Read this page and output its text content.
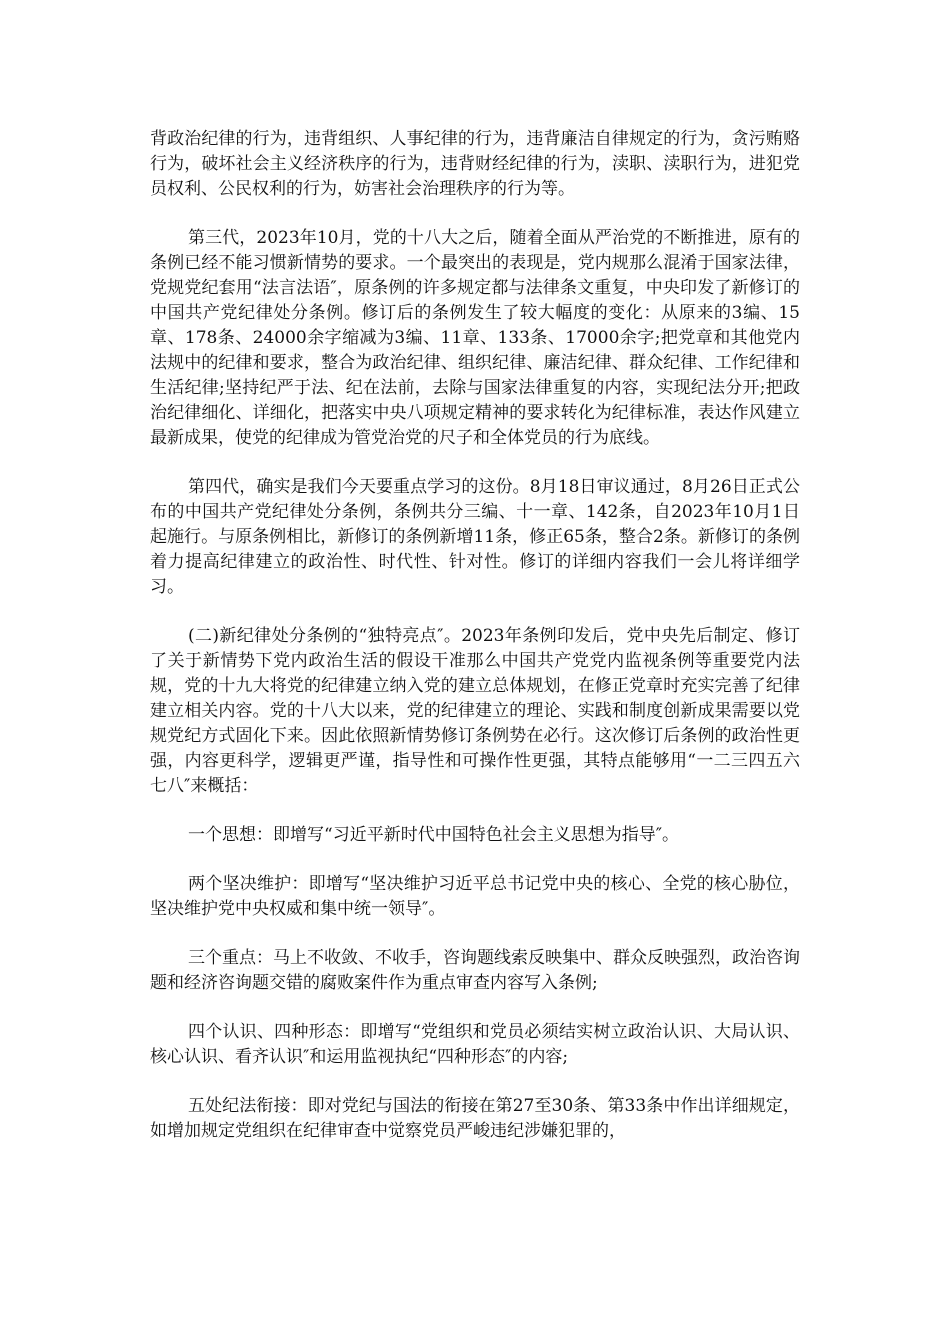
背政治纪律的行为，违背组织、人事纪律的行为，违背廉洁自律规定的行为，贪污贿赂行为，破坏社会主义经济秩序的行为，违背财经纪律的行为，渎职、渎职行为，进犯党员权利、公民权利的行为，妨害社会治理秩序的行为等。

第三代，2023年10月，党的十八大之后，随着全面从严治党的不断推进，原有的条例已经不能习惯新情势的要求。一个最突出的表现是，党内规那么混淆于国家法律，党规党纪套用“法言法语″，原条例的许多规定都与法律条文重复，中央印发了新修订的中国共产党纪律处分条例。修订后的条例发生了较大幅度的变化：从原来的3编、15章、178条、24000余字缩减为3编、11章、133条、17000余字;把党章和其他党内法规中的纪律和要求，整合为政治纪律、组织纪律、廉洁纪律、群众纪律、工作纪律和生活纪律;坚持纪严于法、纪在法前，去除与国家法律重复的内容，实现纪法分开;把政治纪律细化、详细化，把落实中央八项规定精神的要求转化为纪律标准，表达作风建立最新成果，使党的纪律成为管党治党的尺子和全体党员的行为底线。

第四代，确实是我们今天要重点学习的这份。8月18日审议通过，8月26日正式公布的中国共产党纪律处分条例，条例共分三编、十一章、142条，自2023年10月1日起施行。与原条例相比，新修订的条例新增11条，修正65条，整合2条。新修订的条例着力提高纪律建立的政治性、时代性、针对性。修订的详细内容我们一会儿将详细学习。

(二)新纪律处分条例的“独特亮点″。2023年条例印发后，党中央先后制定、修订了关于新情势下党内政治生活的假设干准那么中国共产党党内监视条例等重要党内法规，党的十九大将党的纪律建立纳入党的建立总体规划，在修正党章时充实完善了纪律建立相关内容。党的十八大以来，党的纪律建立的理论、实践和制度创新成果需要以党规党纪方式固化下来。因此依照新情势修订条例势在必行。这次修订后条例的政治性更强，内容更科学，逻辑更严谨，指导性和可操作性更强，其特点能够用“一二三四五六七八″来概括：

一个思想：即增写“习近平新时代中国特色社会主义思想为指导″。

两个坚决维护：即增写“坚决维护习近平总书记党中央的核心、全党的核心胁位，坚决维护党中央权威和集中统一领导″。

三个重点：马上不收敛、不收手，咨询题线索反映集中、群众反映强烈，政治咨询题和经济咨询题交错的腐败案件作为重点审查内容写入条例;

四个认识、四种形态：即增写“党组织和党员必须结实树立政治认识、大局认识、核心认识、看齐认识″和运用监视执纪“四种形态″的内容;

五处纪法衔接：即对党纪与国法的衔接在第27至30条、第33条中作出详细规定，如增加规定党组织在纪律审查中觉察党员严峻违纪涉嫌犯罪的，
